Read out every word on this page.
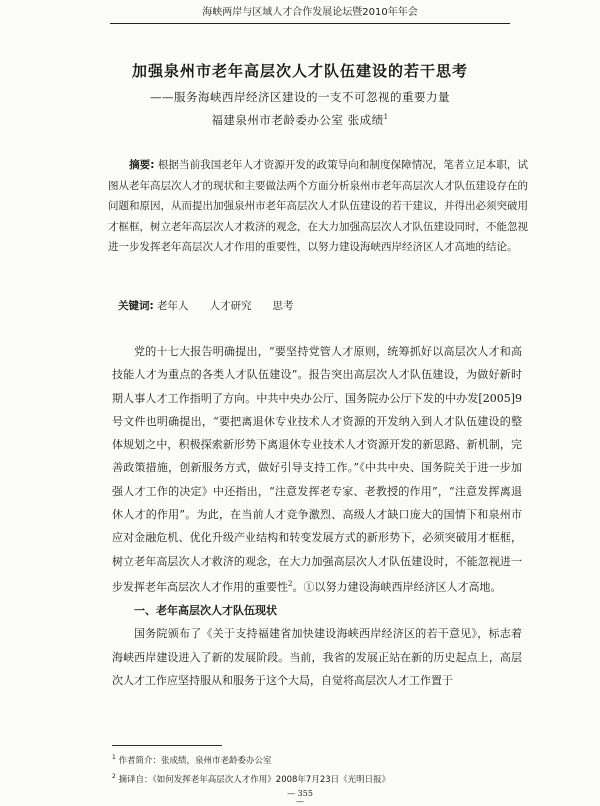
海峡两岸与区域人才合作发展论坛暨2010年年会
加强泉州市老年高层次人才队伍建设的若干思考
——服务海峡西岸经济区建设的一支不可忽视的重要力量
福建泉州市老龄委办公室 张成绩$^1$
  摘要: 根据当前我国老年人才资源开发的政策导向和制度保障情况，笔者立足本职，试图从老年高层次人才的现状和主要做法两个方面分析泉州市老年高层次人才队伍建设存在的问题和原因，从而提出加强泉州市老年高层次人才队伍建设的若干建议，并得出必须突破用才框框，树立老年高层次人才救济的观念，在大力加强高层次人才队伍建设同时，不能忽视进一步发挥老年高层次人才作用的重要性，以努力建设海峡西岸经济区人才高地的结论。
关键词: 老年人　　人才研究　　思考

党的十七大报告明确提出，“要坚持党管人才原则，统筹抓好以高层次人才和高技能人才为重点的各类人才队伍建设”。报告突出高层次人才队伍建设，为做好新时期人事人才工作指明了方向。中共中央办公厅、国务院办公厅下发的中办发[2005]9 号文件也明确提出，“要把离退休专业技术人才资源的开发纳入到人才队伍建设的整体规划之中，积极探索新形势下离退休专业技术人才资源开发的新思路、新机制，完善政策措施，创新服务方式，做好引导支持工作。”《中共中央、国务院关于进一步加强人才工作的决定》中还指出，“注意发挥老专家、老教授的作用”，“注意发挥离退休人才的作用”。为此，在当前人才竞争激烈、高级人才缺口庞大的国情下和泉州市应对金融危机、优化升级产业结构和转变发展方式的新形势下，必须突破用才框框，树立老年高层次人才救济的观念，在大力加强高层次人才队伍建设时，不能忽视进一步发挥老年高层次人才作用的重要性$^2$。①以努力建设海峡西岸经济区人才高地。

一、老年高层次人才队伍现状

国务院颁布了《关于支持福建省加快建设海峡西岸经济区的若干意见》，标志着海峡西岸建设进入了新的发展阶段。当前，我省的发展正站在新的历史起点上，高层次人才工作应坚持服从和服务于这个大局，自觉将高层次人才工作置于

$^1$ 作者简介：张成绩，泉州市老龄委办公室
$^2$ 摘译自：《如何发挥老年高层次人才作用》2008年7月23日《光明日报》
— 355 —
